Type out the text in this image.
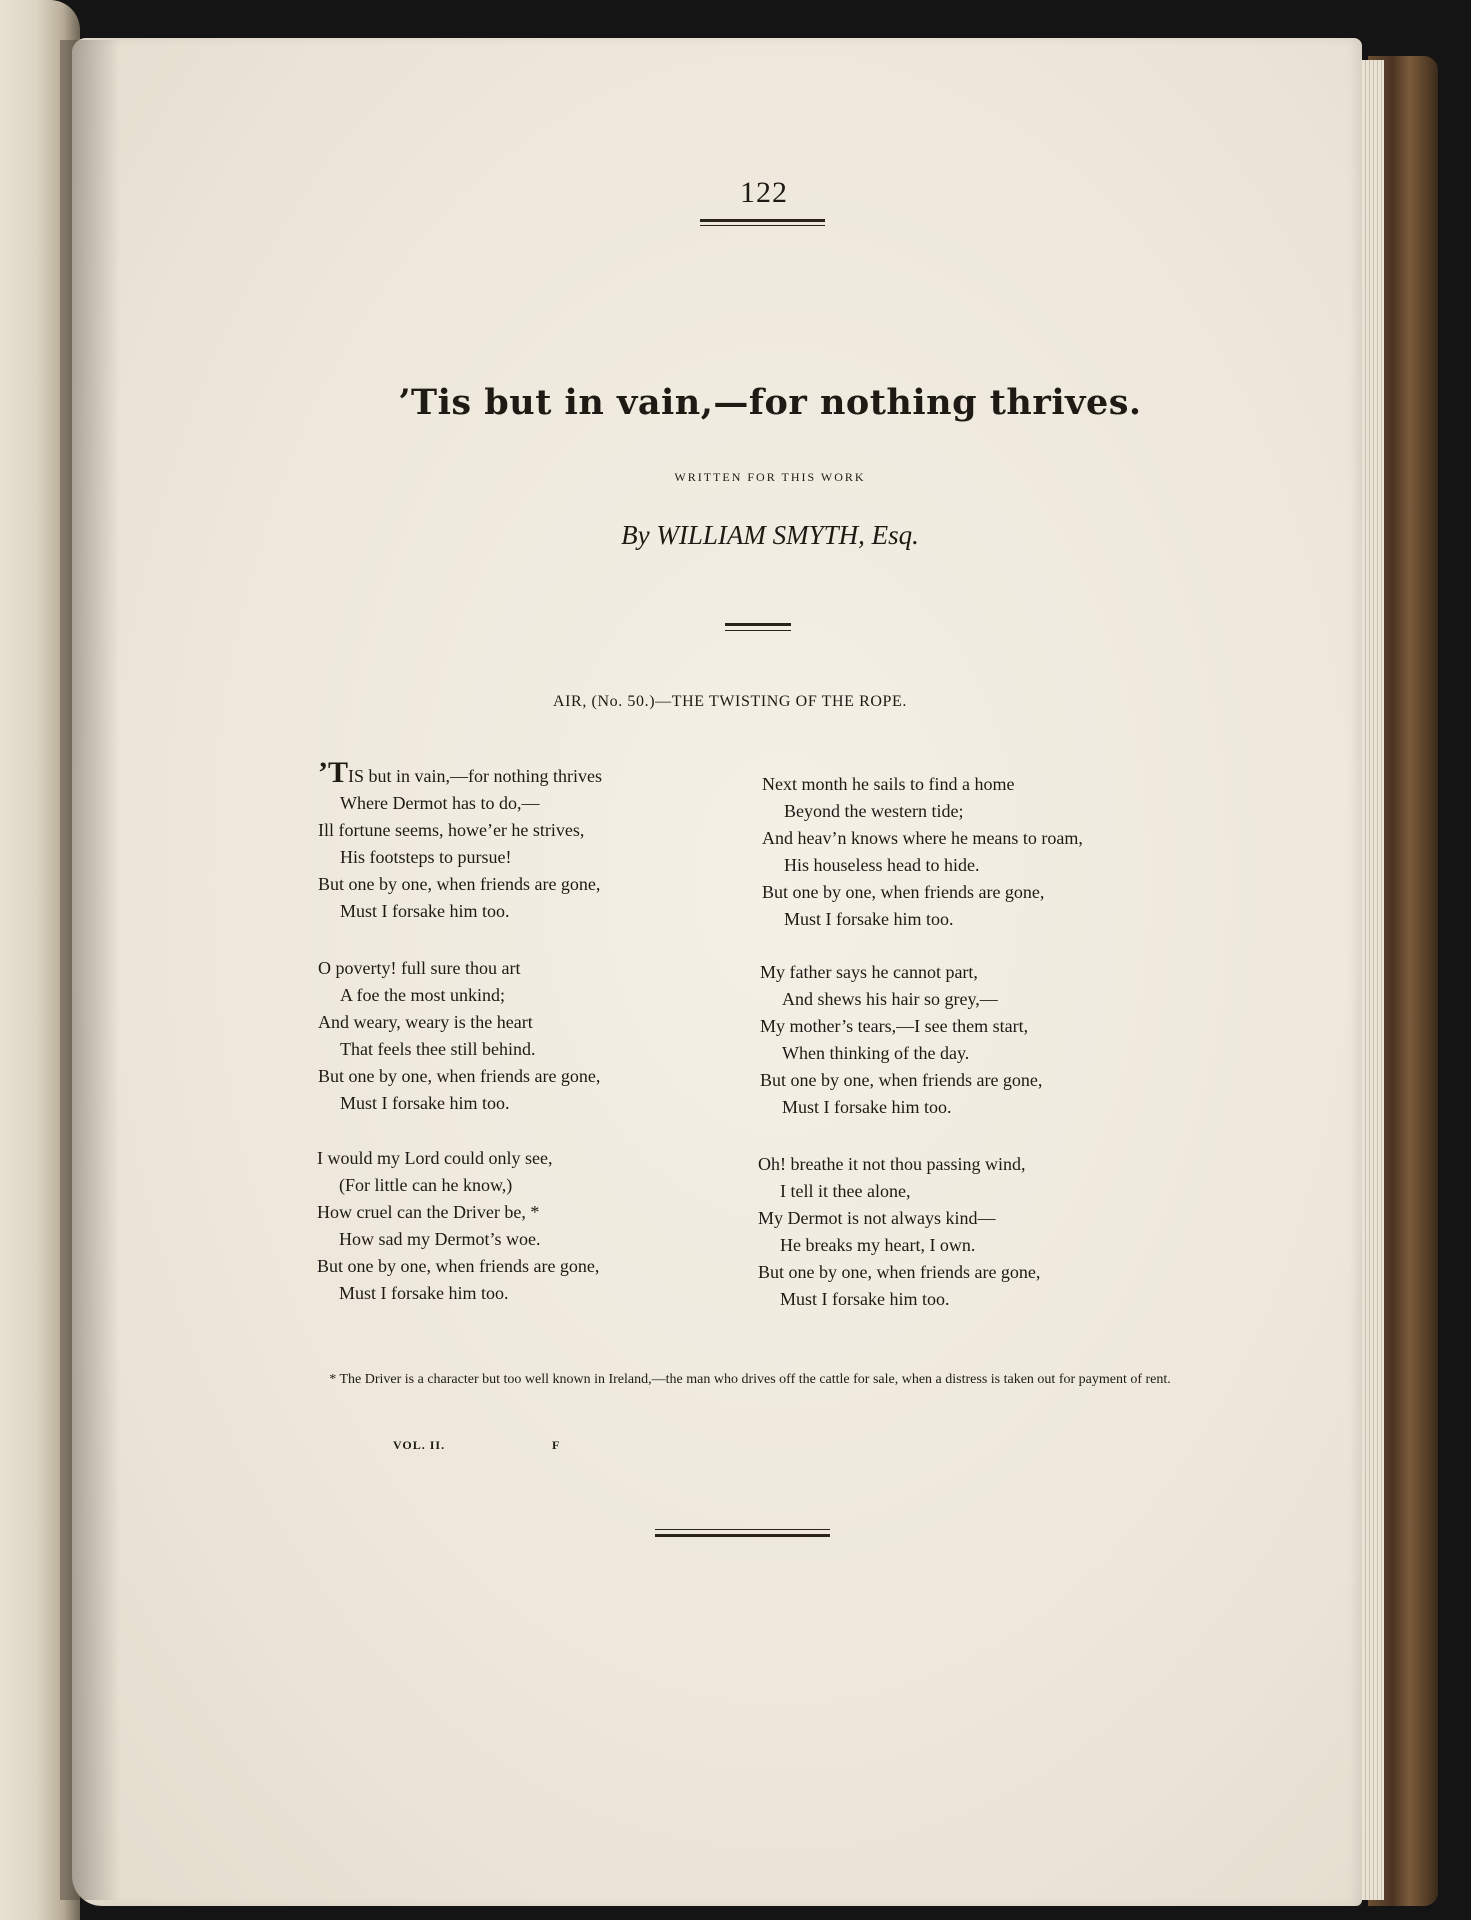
122
’Tis but in vain,—for nothing thrives.
WRITTEN FOR THIS WORK
By WILLIAM SMYTH, Esq.
AIR, (No. 50.)—THE TWISTING OF THE ROPE.
’TIS but in vain,—for nothing thrives
Where Dermot has to do,—
Ill fortune seems, howe’er he strives,
His footsteps to pursue!
But one by one, when friends are gone,
Must I forsake him too.
O poverty! full sure thou art
A foe the most unkind;
And weary, weary is the heart
That feels thee still behind.
But one by one, when friends are gone,
Must I forsake him too.
I would my Lord could only see,
(For little can he know,)
How cruel can the Driver be, *
How sad my Dermot’s woe.
But one by one, when friends are gone,
Must I forsake him too.
Next month he sails to find a home
Beyond the western tide;
And heav’n knows where he means to roam,
His houseless head to hide.
But one by one, when friends are gone,
Must I forsake him too.
My father says he cannot part,
And shews his hair so grey,—
My mother’s tears,—I see them start,
When thinking of the day.
But one by one, when friends are gone,
Must I forsake him too.
Oh! breathe it not thou passing wind,
I tell it thee alone,
My Dermot is not always kind—
He breaks my heart, I own.
But one by one, when friends are gone,
Must I forsake him too.
* The Driver is a character but too well known in Ireland,—the man who drives off the cattle for sale, when a distress is taken out for payment of rent.
VOL. II.	F
